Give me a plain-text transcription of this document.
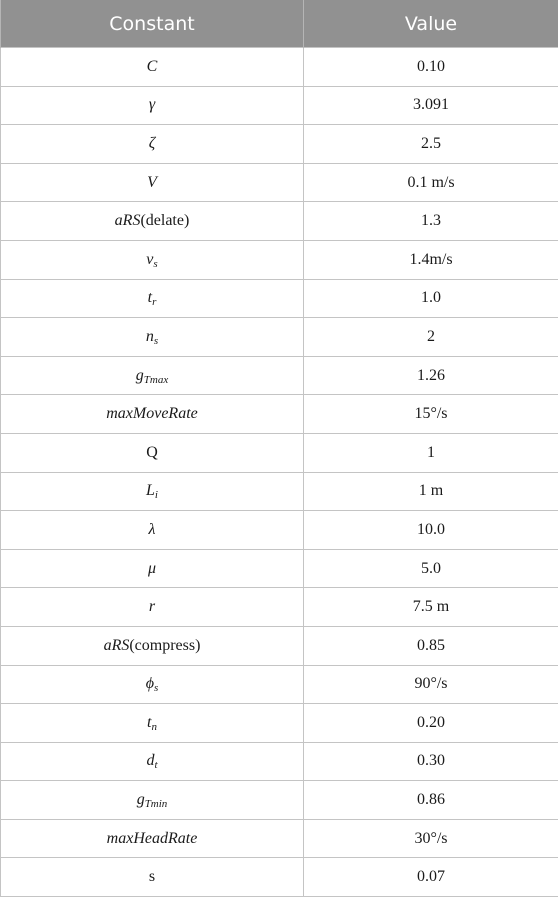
Constant	Value
C	0.10
γ	3.091
ζ	2.5
V	0.1 m/s
aRS(delate)	1.3
$v_s$	1.4m/s
$t_r$	1.0
$n_s$	2
$g_{Tmax}$	1.26
maxMoveRate	15°/s
Q	1
$L_i$	1 m
λ	10.0
μ	5.0
r	7.5 m
aRS(compress)	0.85
$\phi_s$	90°/s
$t_n$	0.20
$d_t$	0.30
$g_{Tmin}$	0.86
maxHeadRate	30°/s
s	0.07
